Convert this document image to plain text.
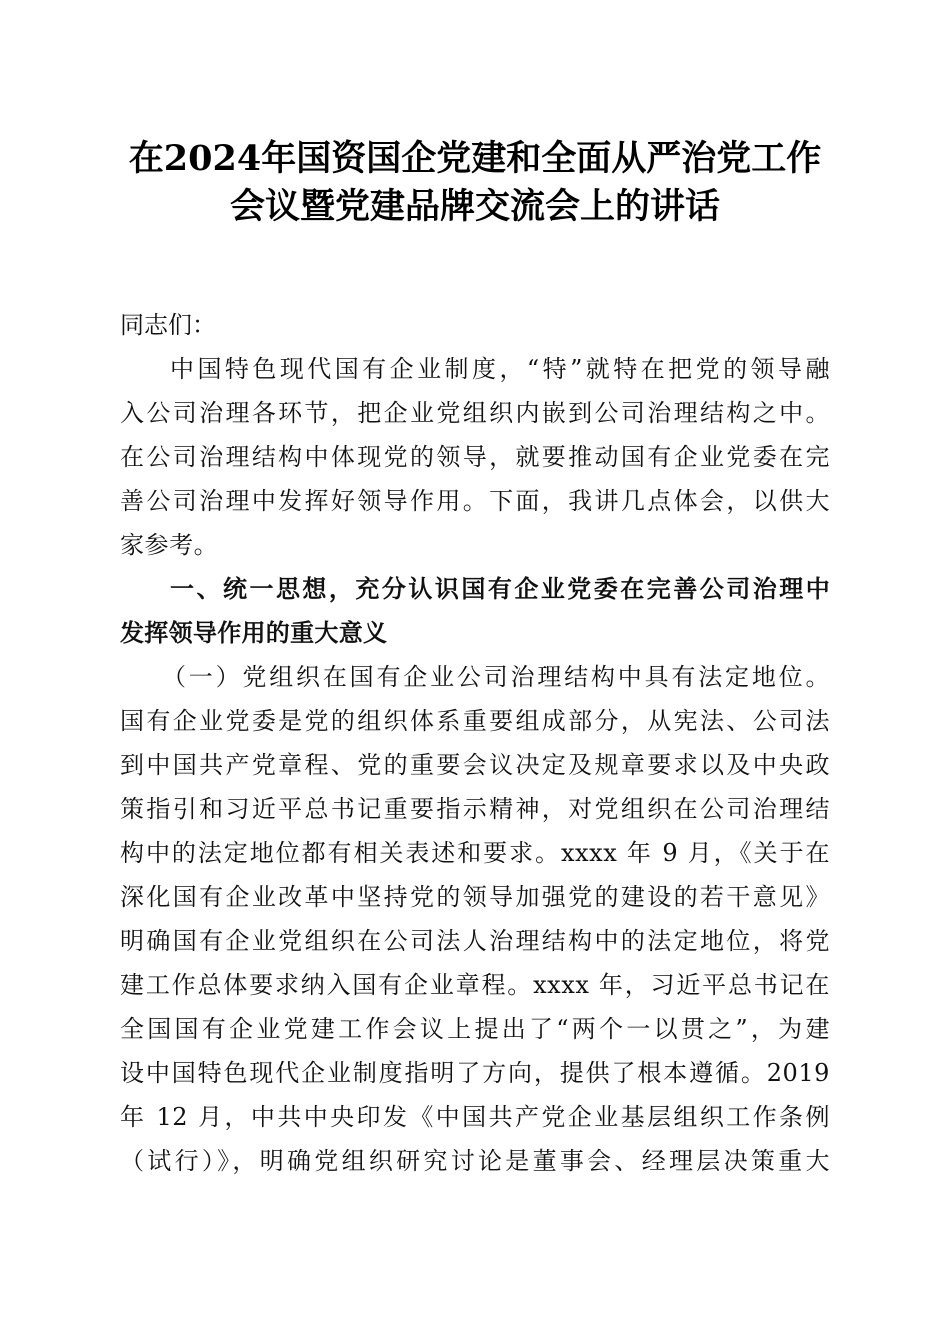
在2024年国资国企党建和全面从严治党工作
会议暨党建品牌交流会上的讲话

同志们：

中国特色现代国有企业制度，“特”就特在把党的领导融
入公司治理各环节，把企业党组织内嵌到公司治理结构之中。
在公司治理结构中体现党的领导，就要推动国有企业党委在完
善公司治理中发挥好领导作用。下面，我讲几点体会，以供大
家参考。
一、统一思想，充分认识国有企业党委在完善公司治理中
发挥领导作用的重大意义
（一）党组织在国有企业公司治理结构中具有法定地位。
国有企业党委是党的组织体系重要组成部分，从宪法、公司法
到中国共产党章程、党的重要会议决定及规章要求以及中央政
策指引和习近平总书记重要指示精神，对党组织在公司治理结
构中的法定地位都有相关表述和要求。xxxx 年 9 月，《关于在
深化国有企业改革中坚持党的领导加强党的建设的若干意见》
明确国有企业党组织在公司法人治理结构中的法定地位，将党
建工作总体要求纳入国有企业章程。xxxx 年，习近平总书记在
全国国有企业党建工作会议上提出了“两个一以贯之”，为建
设中国特色现代企业制度指明了方向，提供了根本遵循。2019
年 12 月，中共中央印发《中国共产党企业基层组织工作条例
（试行）》，明确党组织研究讨论是董事会、经理层决策重大
